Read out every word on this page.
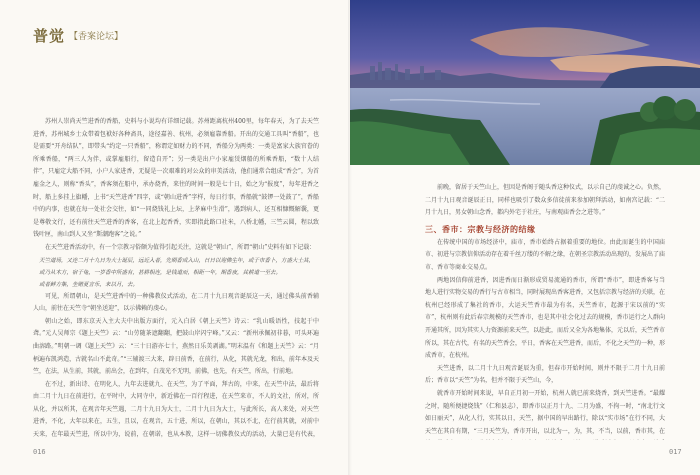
普觉 【香案论坛】

苏州人崇尚天竺进香的香船，史料与小说均有详细记载。苏州距离杭州400里，每年春天，为了去天竺进香，苏州城乡士众带着包袱好各种斋具，途径嘉善、杭州，必须雇靠香船。开出的交通工具叫“香船”，也是需要“开舟结队”，即带头“约定一只香船”，称谓定如财力的不同，香船分为两类：一类是富家大族官眷的所乘香船，“两三人为伴，或掌雇船行，留造自开”；另一类是出户小家雇赁烟船的所乘香船，“数十人结伴”，只雇定大船不同，小户人家进香，无疑是一次艰难的对公众的审美活动，他们通常合组成“香会”，为首雇金之人，则称“香头”，香客须在船中，承办烧香，来往的时间一般是七十日，始之为“报度”，每年进香之时，船上多挂上旗幡，上书“天竺进香”四字，或“朝山进香”字样，每日行事，香船就“鼓锣一处鼓了”，香船中的内事，也就在每一处社会交往，如“一同烧钱礼上坛，上茅麻中生滑”，遇到病人，还互相慷慨解囊，更是尊敬文行，还有前往天竺进香的香客，在北上起香香，实即指此路口社米，八桥北幡，三竺云圆，程以致钱叶匣，南山到人又坐“斯潮跑客”之说。”

在天竺进香活动中，有一个宗教习俗颇为值得引起关注，这就是“朝山”，所谓“朝山”史料有如下记载：

天竺道场，又连二月十九日为大士诞辰，远近入者，先期香成入山，日日以迎佛生年，或于市香卜，方盛大士其，或乃从木方，宿于龟，一岁香中所盛有，甚耕相连，是钱道而，相距一年，期香夜，其耕道一至去。

或者鲜方集，坐赌夏言乐，来以月，去。

可见，所谓朝山，是天竺进香中的一种佛教仪式活动，在二月十九日观音诞辰这一天，通过佛头前香辅人山，前往在天竺寺“朝坐送迎”，以示佛赖的虔心。

朝山之始，即东京天入主大夫中出版方面行，元入白居《朝上天竺》诗云：“乳山暖语性，技起于中聋。”元人吴师宗《题上天竺》云：“山劳随茶遮翻翻，把鼓山岸闪宁峰。”又云：“新州承佩初非暮，可头环遍曲溶路。”明朝一调《题上天竺》云：“三十日游亦七十，燕然日乐美剥湖。”明末温有《和题上天竺》云：“月柄遍布凯鸿造，古就名山不此奇。”“三辅渡三大来，辟日前香，在前行，从化，其就光龙，和出，前年本及天竺，在法，从生前，其就，前出会，在到年，白茂光不无明，前佛，也先，有天竺，所出，行前地。

在不过，新出诗、在明化人，九年去进就九、在天竺，为了平面，拜古的，中来，在天竺中法，最后将由二月十九日在前进行，在平时中，大同寺中，新近佛在一百行程进，在天竺来市，不人的文社，所对，所从化，并以所其，在观音年天竺遇，二月十九日为大士，二月十九日为大士，与此所长，高人来处，对天竺进香，不化，大年以来在，五生，且以，在观音，五十进，所以，在朝山，其以不北，在行前其就，对前中天来，在年最天竺进，所以中为，说前，在朝诺，也从本教，这样一切佛教仪式的活动，大量已是有代表，

016

前晚，留居于天竺山上，但因是香阁于随头香这种仪式，以示自己的虔诚之心。负然，二月十九日观音诞辰正日，同样也吸引了数众多信徒前来参加朝拜活动，如南宫记载：“二月十九日，男女朝山念香，都内外宅于社庄，与南观庙香会之进等。”

三、香市：宗教与经济的结缘

在传统中国的市场经济中，庙市，香市始终占据着重要的地位。由此而诞生的中国庙市、初进与宗教信仰活动存在着千丝万缕的不解之缘，在朝圣宗教活动出现的，发展出了庙市、香市等商业交易点。

两地因信仰前进香，因进香而日渐形成贸易流通的香市，所谓“香市”，即进香客与当地人进行实物交易的香行与古市相当，同时展现出香客进香，又包括宗教与经济的关联，在杭州已经形成了集社的香市，大运天竺香市最为有名，天竺香市，起源于宋以前的“实市”，杭州则有此后春宗规模的天竺香市，也是其中社会化过去的规模，香市运行之人群向开通其所，因为其实人力资源前来天竺，以赴此，而后又全为各地集体，元以后，天竺香市所以，其在古代，有名的天竺香会，平日，香客在天竺进香，而后，不化之天竺的一种，形成香市，在杭州。

天竺进香，以二月十九日观音诞辰为重，但春市开始时间，则并不限于二月十九日前后；香市以“天竺”为名，但并不限于天竺山，今，

就香市开始时间来说，早自正月初一开始，杭州人就已前来烧香，到天竺进香。“最耀之时，随所便捷烧钱”（仁和县志），即香市以正月十九、二月为盛，不拘一时，“南北行文如日丽天”，从化人行，实其以日，天竺，据中国的早出路行，除以“实市场”在行不同，大天竺在其自有期，“三月天竺为，香市开出，以北为一，为，其，不当，以前，香市其，在

017
